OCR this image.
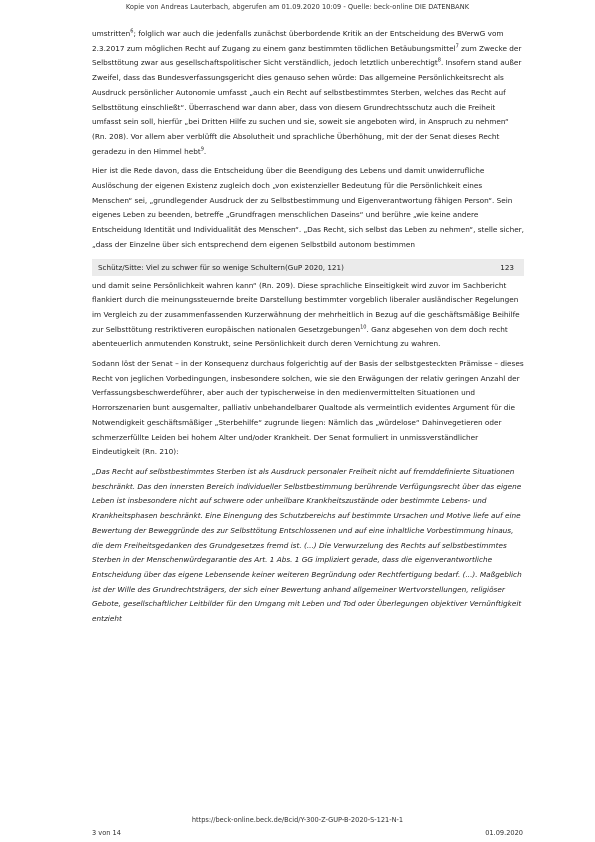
Kopie von Andreas Lauterbach, abgerufen am 01.09.2020 10:09 - Quelle: beck-online DIE DATENBANK

umstritten$^6$; folglich war auch die jedenfalls zunächst überbordende Kritik an der Entscheidung des BVerwG vom 2.3.2017 zum möglichen Recht auf Zugang zu einem ganz bestimmten tödlichen Betäubungsmittel$^7$ zum Zwecke der Selbsttötung zwar aus gesellschaftspolitischer Sicht verständlich, jedoch letztlich unberechtigt$^8$. Insofern stand außer Zweifel, dass das Bundesverfassungsgericht dies genauso sehen würde: Das allgemeine Persönlichkeitsrecht als Ausdruck persönlicher Autonomie umfasst „auch ein Recht auf selbstbestimmtes Sterben, welches das Recht auf Selbsttötung einschließt“. Überraschend war dann aber, dass von diesem Grundrechtsschutz auch die Freiheit umfasst sein soll, hierfür „bei Dritten Hilfe zu suchen und sie, soweit sie angeboten wird, in Anspruch zu nehmen“ (Rn. 208). Vor allem aber verblüfft die Absolutheit und sprachliche Überhöhung, mit der der Senat dieses Recht geradezu in den Himmel hebt$^9$.

Hier ist die Rede davon, dass die Entscheidung über die Beendigung des Lebens und damit unwiderrufliche Auslöschung der eigenen Existenz zugleich doch „von existenzieller Bedeutung für die Persönlichkeit eines Menschen“ sei, „grundlegender Ausdruck der zu Selbstbestimmung und Eigenverantwortung fähigen Person“. Sein eigenes Leben zu beenden, betreffe „Grundfragen menschlichen Daseins“ und berühre „wie keine andere Entscheidung Identität und Individualität des Menschen“. „Das Recht, sich selbst das Leben zu nehmen“, stelle sicher, „dass der Einzelne über sich entsprechend dem eigenen Selbstbild autonom bestimmen

Schütz/Sitte: Viel zu schwer für so wenige Schultern(GuP 2020, 121)	123

und damit seine Persönlichkeit wahren kann“ (Rn. 209). Diese sprachliche Einseitigkeit wird zuvor im Sachbericht flankiert durch die meinungssteuernde breite Darstellung bestimmter vorgeblich liberaler ausländischer Regelungen im Vergleich zu der zusammenfassenden Kurzerwähnung der mehrheitlich in Bezug auf die geschäftsmäßige Beihilfe zur Selbsttötung restriktiveren europäischen nationalen Gesetzgebungen$^{10}$. Ganz abgesehen von dem doch recht abenteuerlich anmutenden Konstrukt, seine Persönlichkeit durch deren Vernichtung zu wahren.

Sodann löst der Senat – in der Konsequenz durchaus folgerichtig auf der Basis der selbstgesteckten Prämisse – dieses Recht von jeglichen Vorbedingungen, insbesondere solchen, wie sie den Erwägungen der relativ geringen Anzahl der Verfassungsbeschwerdeführer, aber auch der typischerweise in den medienvermittelten Situationen und Horrorszenarien bunt ausgemalter, palliativ unbehandelbarer Qualtode als vermeintlich evidentes Argument für die Notwendigkeit geschäftsmäßiger „Sterbehilfe“ zugrunde liegen: Nämlich das „würdelose“ Dahinvegetieren oder schmerzerfüllte Leiden bei hohem Alter und/oder Krankheit. Der Senat formuliert in unmissverständlicher Eindeutigkeit (Rn. 210):

„Das Recht auf selbstbestimmtes Sterben ist als Ausdruck personaler Freiheit nicht auf fremddefinierte Situationen beschränkt. Das den innersten Bereich individueller Selbstbestimmung berührende Verfügungsrecht über das eigene Leben ist insbesondere nicht auf schwere oder unheilbare Krankheitszustände oder bestimmte Lebens- und Krankheitsphasen beschränkt. Eine Einengung des Schutzbereichs auf bestimmte Ursachen und Motive liefe auf eine Bewertung der Beweggründe des zur Selbsttötung Entschlossenen und auf eine inhaltliche Vorbestimmung hinaus, die dem Freiheitsgedanken des Grundgesetzes fremd ist. (...) Die Verwurzelung des Rechts auf selbstbestimmtes Sterben in der Menschenwürdegarantie des Art. 1 Abs. 1 GG impliziert gerade, dass die eigenverantwortliche Entscheidung über das eigene Lebensende keiner weiteren Begründung oder Rechtfertigung bedarf. (...). Maßgeblich ist der Wille des Grundrechtsträgers, der sich einer Bewertung anhand allgemeiner Wertvorstellungen, religiöser Gebote, gesellschaftlicher Leitbilder für den Umgang mit Leben und Tod oder Überlegungen objektiver Vernünftigkeit entzieht

https://beck-online.beck.de/Bcid/Y-300-Z-GUP-B-2020-S-121-N-1
3 von 14	01.09.2020
